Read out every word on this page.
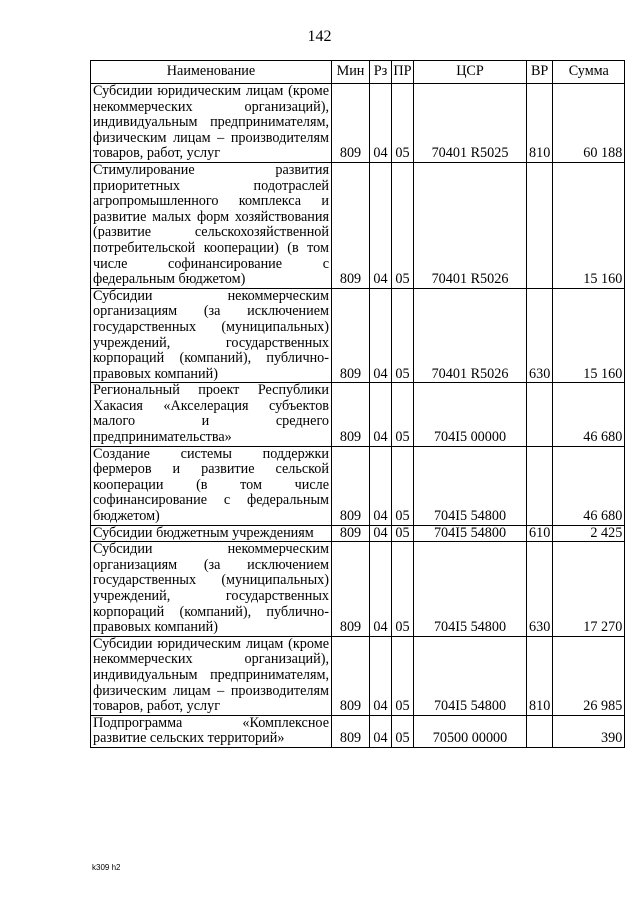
142
Наименование	Мин	Рз	ПР	ЦСР	ВР	Сумма
Субсидии юридическим лицам (кроме некоммерческих организаций), индивидуальным предпринимателям, физическим лицам – производителям товаров, работ, услуг	809	04	05	70401 R5025	810	60 188
Стимулирование развития приоритетных подотраслей агропромышленного комплекса и развитие малых форм хозяйствования (развитие сельскохозяйственной потребительской кооперации) (в том числе софинансирование с федеральным бюджетом)	809	04	05	70401 R5026		15 160
Субсидии некоммерческим организациям (за исключением государственных (муниципальных) учреждений, государственных корпораций (компаний), публично-правовых компаний)	809	04	05	70401 R5026	630	15 160
Региональный проект Республики Хакасия «Акселерация субъектов малого и среднего предпринимательства»	809	04	05	704I5 00000		46 680
Создание системы поддержки фермеров и развитие сельской кооперации (в том числе софинансирование с федеральным бюджетом)	809	04	05	704I5 54800		46 680
Субсидии бюджетным учреждениям	809	04	05	704I5 54800	610	2 425
Субсидии некоммерческим организациям (за исключением государственных (муниципальных) учреждений, государственных корпораций (компаний), публично-правовых компаний)	809	04	05	704I5 54800	630	17 270
Субсидии юридическим лицам (кроме некоммерческих организаций), индивидуальным предпринимателям, физическим лицам – производителям товаров, работ, услуг	809	04	05	704I5 54800	810	26 985
Подпрограмма «Комплексное развитие сельских территорий»	809	04	05	70500 00000		390
k309 h2
